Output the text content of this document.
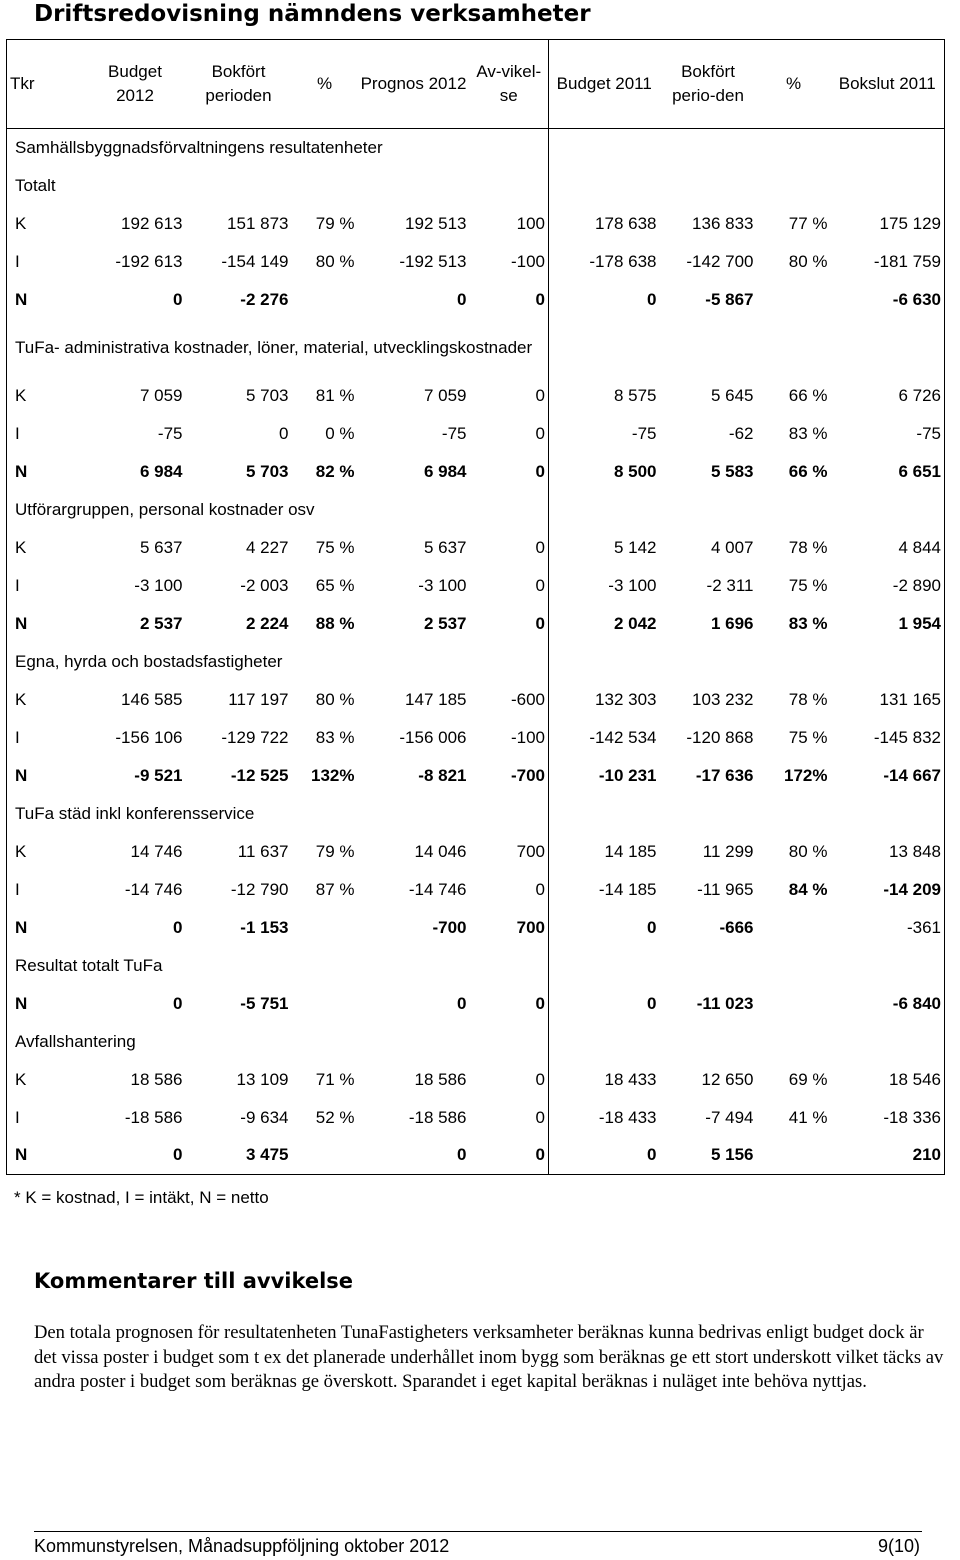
Driftsredovisning nämndens verksamheter
Tkr	Budget 2012	Bokfört perioden	%	Prognos 2012	Av-vikel-se	Budget 2011	Bokfört perio-den	%	Bokslut 2011
Samhällsbyggnadsförvaltningens resultatenheter									
Totalt									
K	192 613	151 873	79 %	192 513	100	178 638	136 833	77 %	175 129
I	-192 613	-154 149	80 %	-192 513	-100	-178 638	-142 700	80 %	-181 759
N	0	-2 276		0	0	0	-5 867		-6 630
TuFa- administrativa kostnader, löner, material, utvecklingskostnader									
K	7 059	5 703	81 %	7 059	0	8 575	5 645	66 %	6 726
I	-75	0	0 %	-75	0	-75	-62	83 %	-75
N	6 984	5 703	82 %	6 984	0	8 500	5 583	66 %	6 651
Utförargruppen, personal kostnader osv									
K	5 637	4 227	75 %	5 637	0	5 142	4 007	78 %	4 844
I	-3 100	-2 003	65 %	-3 100	0	-3 100	-2 311	75 %	-2 890
N	2 537	2 224	88 %	2 537	0	2 042	1 696	83 %	1 954
Egna, hyrda och bostadsfastigheter									
K	146 585	117 197	80 %	147 185	-600	132 303	103 232	78 %	131 165
I	-156 106	-129 722	83 %	-156 006	-100	-142 534	-120 868	75 %	-145 832
N	-9 521	-12 525	132%	-8 821	-700	-10 231	-17 636	172%	-14 667
TuFa städ inkl konferensservice									
K	14 746	11 637	79 %	14 046	700	14 185	11 299	80 %	13 848
I	-14 746	-12 790	87 %	-14 746	0	-14 185	-11 965	84 %	-14 209
N	0	-1 153		-700	700	0	-666		-361
Resultat totalt TuFa									
N	0	-5 751		0	0	0	-11 023		-6 840
Avfallshantering									
K	18 586	13 109	71 %	18 586	0	18 433	12 650	69 %	18 546
I	-18 586	-9 634	52 %	-18 586	0	-18 433	-7 494	41 %	-18 336
N	0	3 475		0	0	0	5 156		210
* K = kostnad, I = intäkt, N = netto
Kommentarer till avvikelse
Den totala prognosen för resultatenheten TunaFastigheters verksamheter beräknas kunna bedrivas enligt budget dock är det vissa poster i budget som t ex det planerade underhållet inom bygg som beräknas ge ett stort underskott vilket täcks av andra poster i budget som beräknas ge överskott. Sparandet i eget kapital beräknas i nuläget inte behöva nyttjas.
Kommunstyrelsen, Månadsuppföljning oktober 2012	9(10)
